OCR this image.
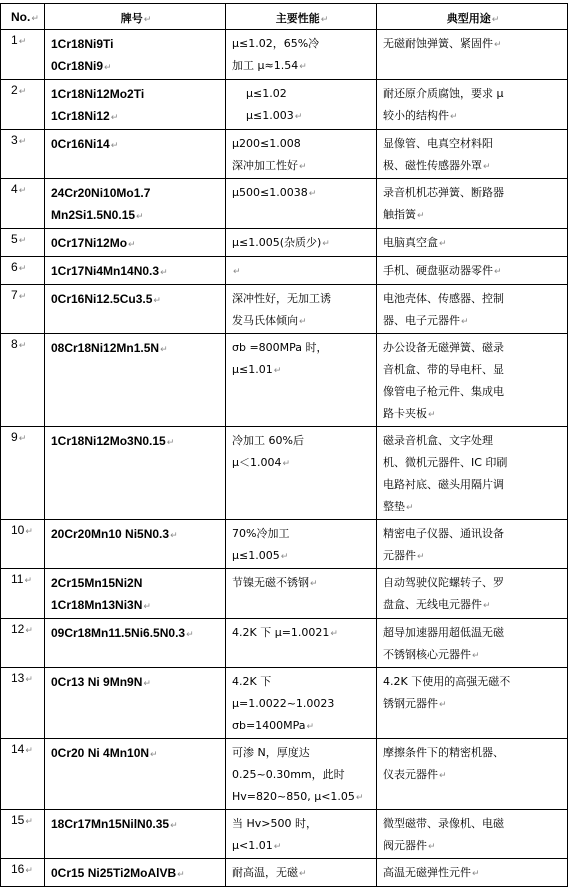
No.↵	牌号↵	主要性能↵	典型用途↵
1↵	1Cr18Ni9Ti
0Cr18Ni9↵	μ≤1.02，65%冷
加工 μ≈1.54↵	无磁耐蚀弹簧、紧固件↵

2↵	1Cr18Ni12Mo2Ti
1Cr18Ni12↵	μ≤1.02
μ≤1.003↵	耐还原介质腐蚀，要求 μ
较小的结构件↵

3↵	0Cr16Ni14↵	μ200≤1.008
深冲加工性好↵	显像管、电真空材料阳
极、磁性传感器外罩↵

4↵	24Cr20Ni10Mo1.7
Mn2Si1.5N0.15↵	μ500≤1.0038↵	录音机机芯弹簧、断路器
触指簧↵

5↵	0Cr17Ni12Mo↵	μ≤1.005(杂质少)↵	电脑真空盒↵

6↵	1Cr17Ni4Mn14N0.3↵	↵	手机、硬盘驱动器零件↵

7↵	0Cr16Ni12.5Cu3.5↵	深冲性好，无加工诱
发马氏体倾向↵	电池壳体、传感器、控制
器、电子元器件↵

8↵	08Cr18Ni12Mn1.5N↵	σb =800MPa 时，
μ≤1.01↵	办公设备无磁弹簧、磁录
音机盒、带的导电杆、显
像管电子枪元件、集成电
路卡夹板↵

9↵	1Cr18Ni12Mo3N0.15↵	冷加工 60%后
μ＜1.004↵	磁录音机盒、文字处理
机、微机元器件、IC 印刷
电路衬底、磁头用隔片调
整垫↵

10↵	20Cr20Mn10 Ni5N0.3↵	70%冷加工
μ≤1.005↵	精密电子仪器、通讯设备
元器件↵

11↵	2Cr15Mn15Ni2N
1Cr18Mn13Ni3N↵	节镍无磁不锈钢↵	自动驾驶仪陀螺转子、罗
盘盒、无线电元器件↵

12↵	09Cr18Mn11.5Ni6.5N0.3↵	4.2K 下 μ=1.0021↵	超导加速器用超低温无磁
不锈钢核心元器件↵

13↵	0Cr13 Ni 9Mn9N↵	4.2K 下
μ=1.0022~1.0023
σb=1400MPa↵	4.2K 下使用的高强无磁不
锈钢元器件↵

14↵	0Cr20 Ni 4Mn10N↵	可渗 N，厚度达
0.25~0.30mm，此时
Hv=820~850, μ<1.05↵	摩擦条件下的精密机器、
仪表元器件↵

15↵	18Cr17Mn15NilN0.35↵	当 Hv>500 时，
μ<1.01↵	微型磁带、录像机、电磁
阀元器件↵

16↵	0Cr15 Ni25Ti2MoAlVB↵	耐高温，无磁↵	高温无磁弹性元件↵
